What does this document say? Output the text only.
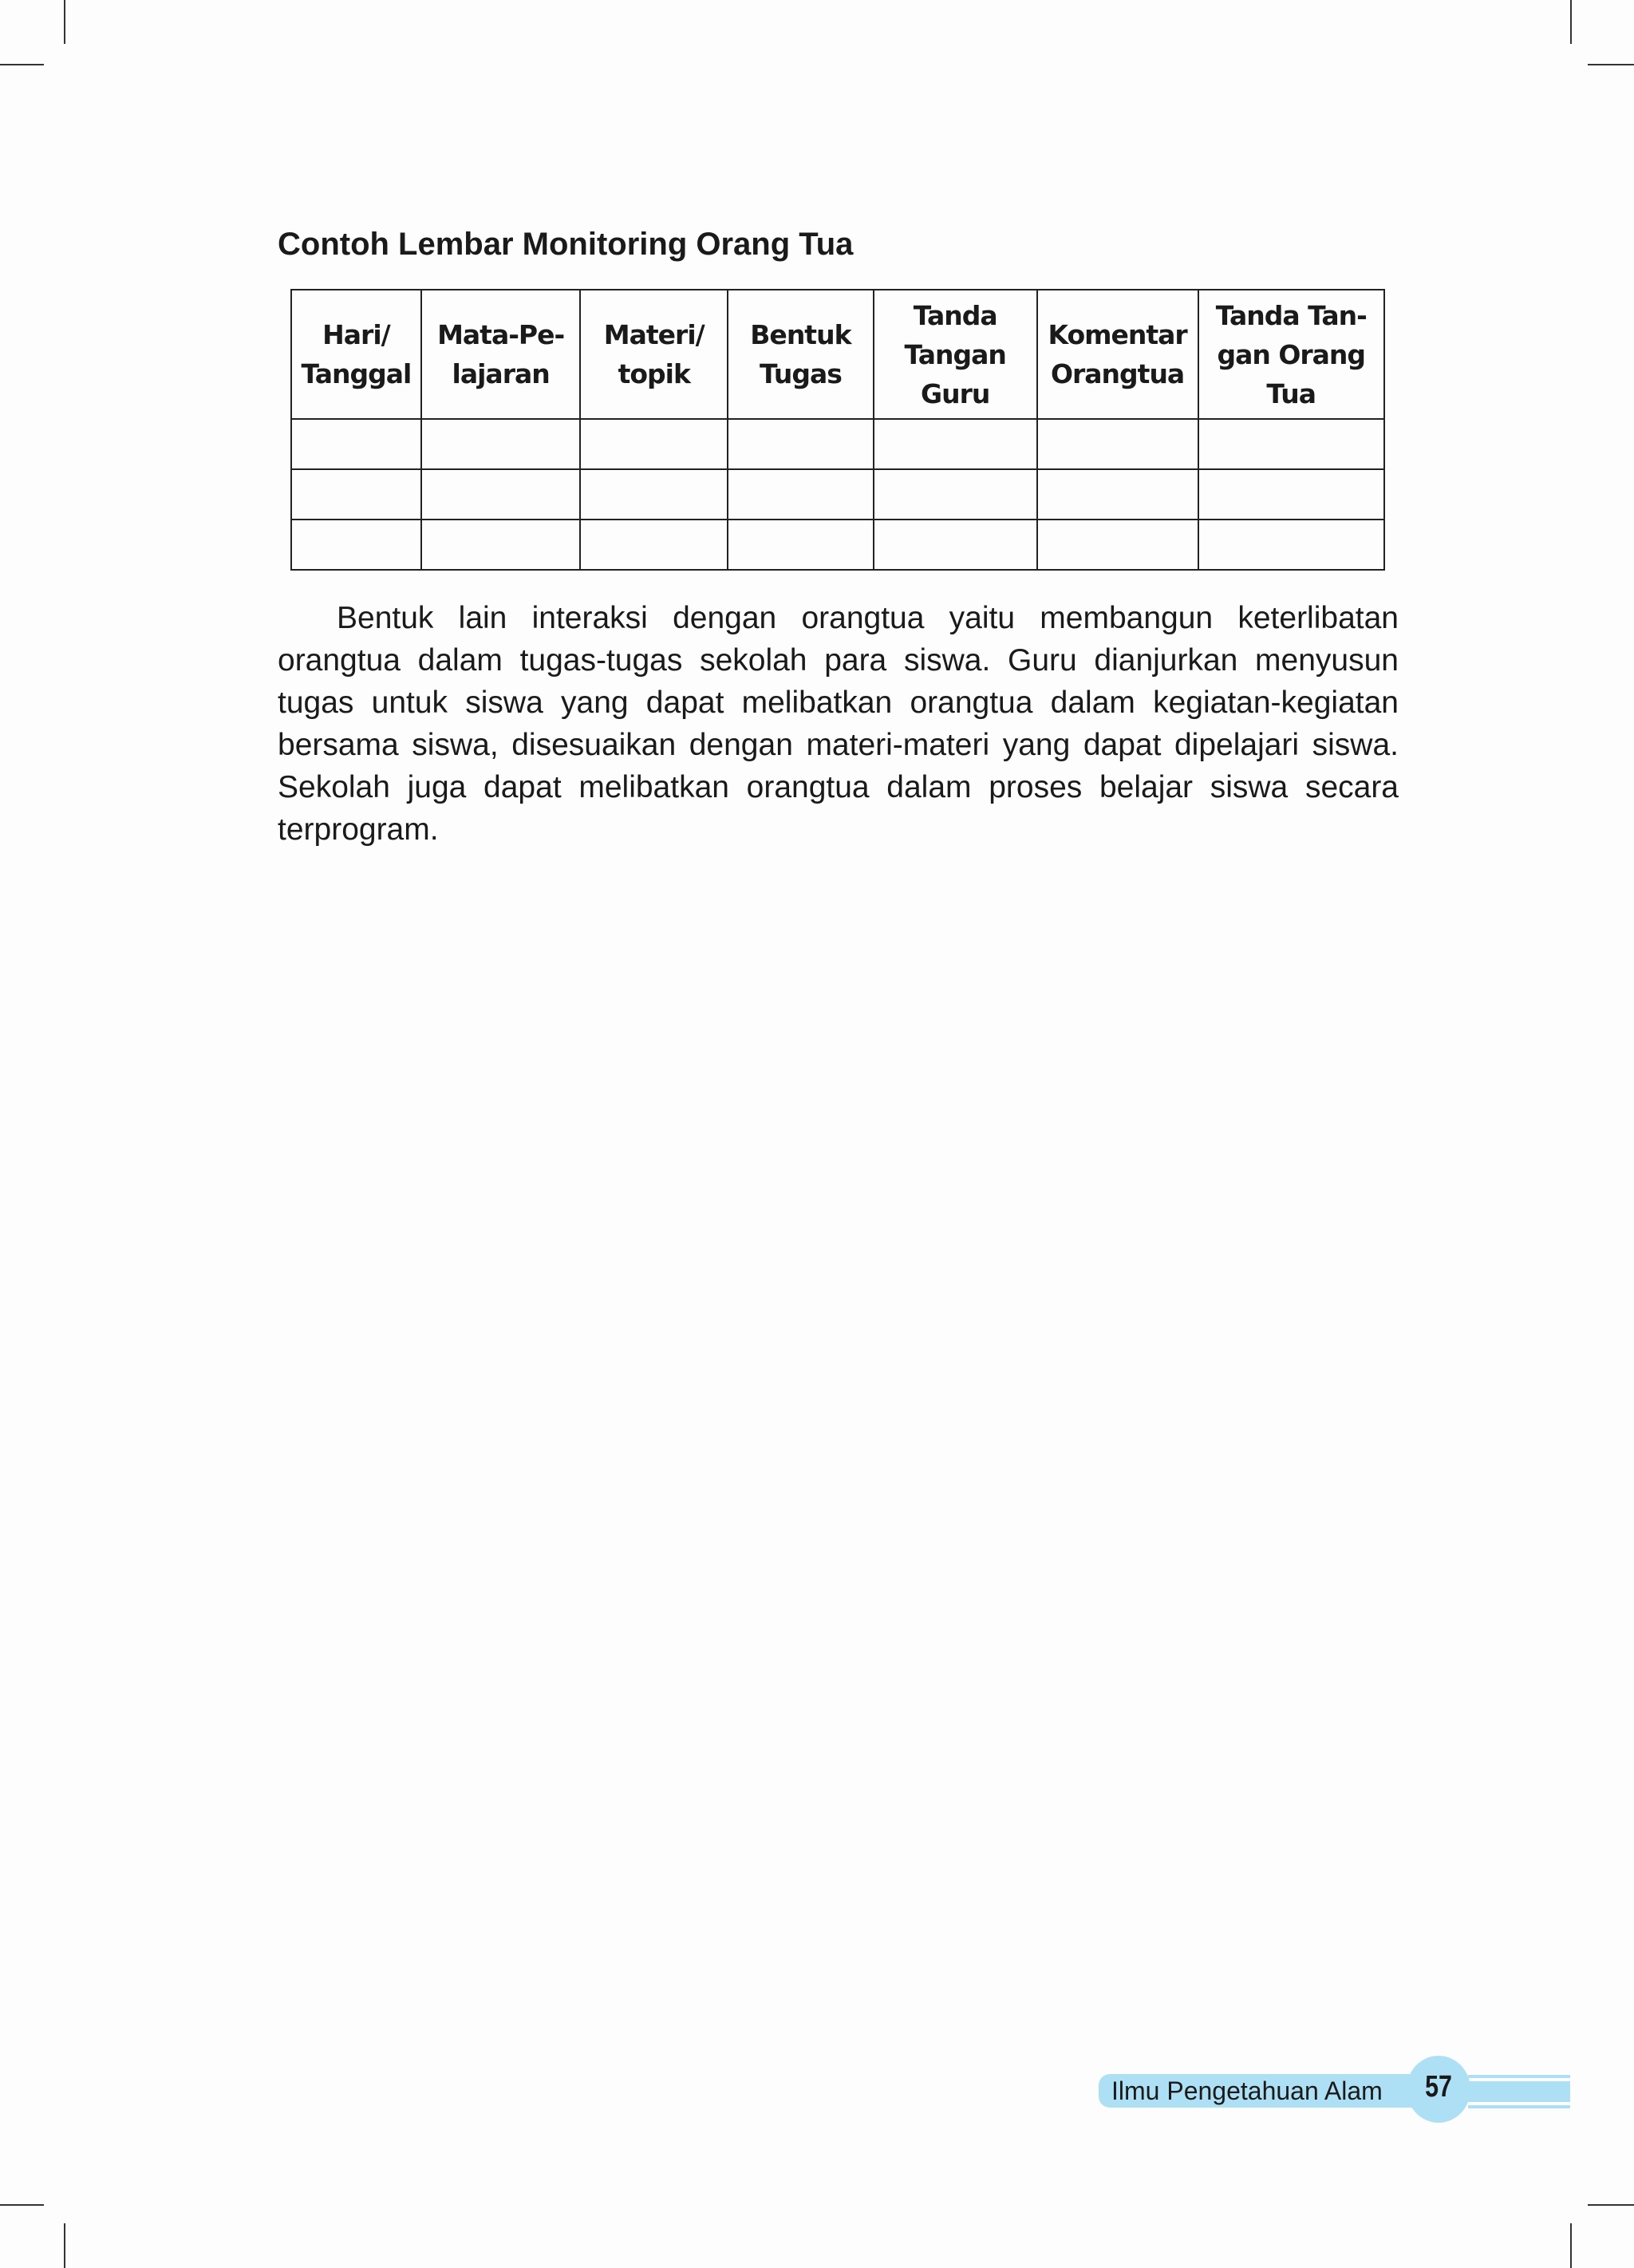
Contoh Lembar Monitoring Orang Tua
Hari/ Tanggal	Mata-Pe- lajaran	Materi/ topik	Bentuk Tugas	Tanda Tangan Guru	Komentar Orangtua	Tanda Tan- gan Orang Tua

Bentuk lain interaksi dengan orangtua yaitu membangun keterlibatan orangtua dalam tugas-tugas sekolah para siswa. Guru dianjurkan menyusun tugas untuk siswa yang dapat melibatkan orangtua dalam kegiatan-kegiatan bersama siswa, disesuaikan dengan materi-materi yang dapat dipelajari siswa. Sekolah juga dapat melibatkan orangtua dalam proses belajar siswa secara terprogram.

Ilmu Pengetahuan Alam	57
